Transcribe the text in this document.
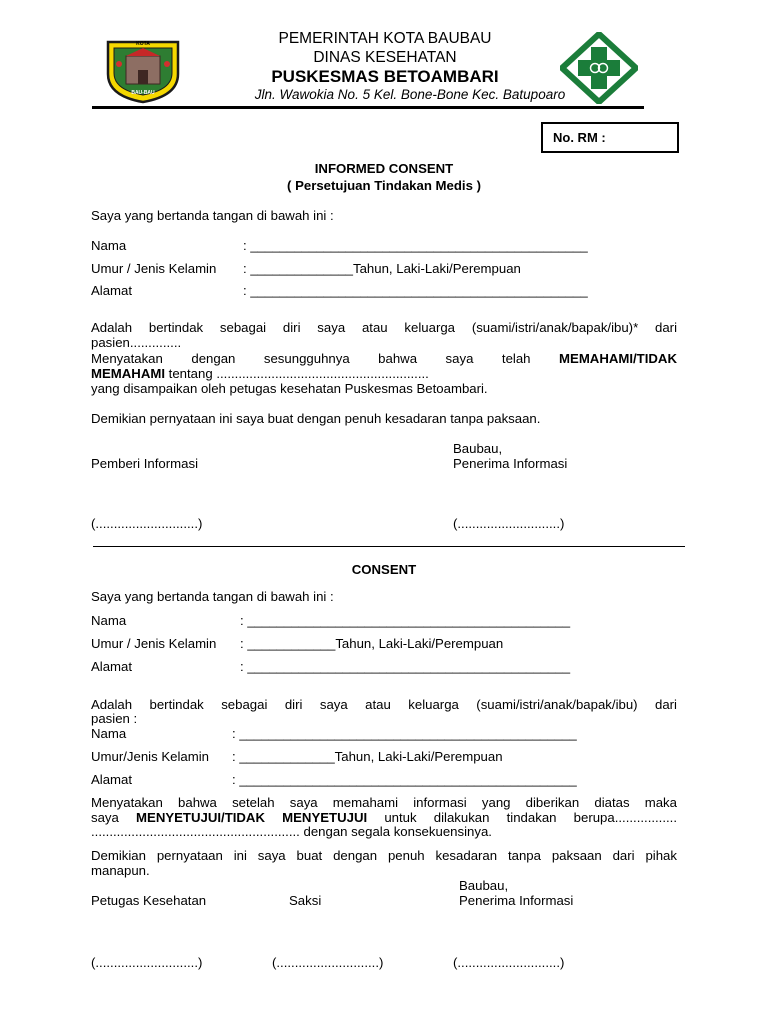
KOTA
BAU-BAU
PEMERINTAH KOTA BAUBAU
DINAS KESEHATAN
PUSKESMAS BETOAMBARI
Jln. Wawokia No. 5 Kel. Bone-Bone Kec. Batupoaro
No. RM :
INFORMED CONSENT
( Persetujuan Tindakan Medis )
Saya yang bertanda tangan di bawah ini :
Nama	: ______________________________________________
Umur / Jenis Kelamin : ______________Tahun, Laki-Laki/Perempuan
Alamat	: ______________________________________________
Adalah bertindak sebagai diri saya atau keluarga (suami/istri/anak/bapak/ibu)* dari
pasien..............
Menyatakan dengan sesungguhnya bahwa saya telah MEMAHAMI/TIDAK
MEMAHAMI tentang ..........................................................
yang disampaikan oleh petugas kesehatan Puskesmas Betoambari.
Demikian pernyataan ini saya buat dengan penuh kesadaran tanpa paksaan.
Baubau,
Pemberi Informasi	Penerima Informasi
(............................)	(............................)
CONSENT
Saya yang bertanda tangan di bawah ini :
Nama	: ____________________________________________
Umur / Jenis Kelamin : ____________Tahun, Laki-Laki/Perempuan
Alamat	: ____________________________________________
Adalah bertindak sebagai diri saya atau keluarga (suami/istri/anak/bapak/ibu) dari
pasien :
Nama	: ______________________________________________
Umur/Jenis Kelamin : _____________Tahun, Laki-Laki/Perempuan
Alamat	: ______________________________________________
Menyatakan bahwa setelah saya memahami informasi yang diberikan diatas maka
saya MENYETUJUI/TIDAK MENYETUJUI untuk dilakukan tindakan berupa.................
......................................................... dengan segala konsekuensinya.
Demikian pernyataan ini saya buat dengan penuh kesadaran tanpa paksaan dari pihak
manapun.
Baubau,
Petugas Kesehatan	Saksi	Penerima Informasi
(............................)	(............................)	(............................)
